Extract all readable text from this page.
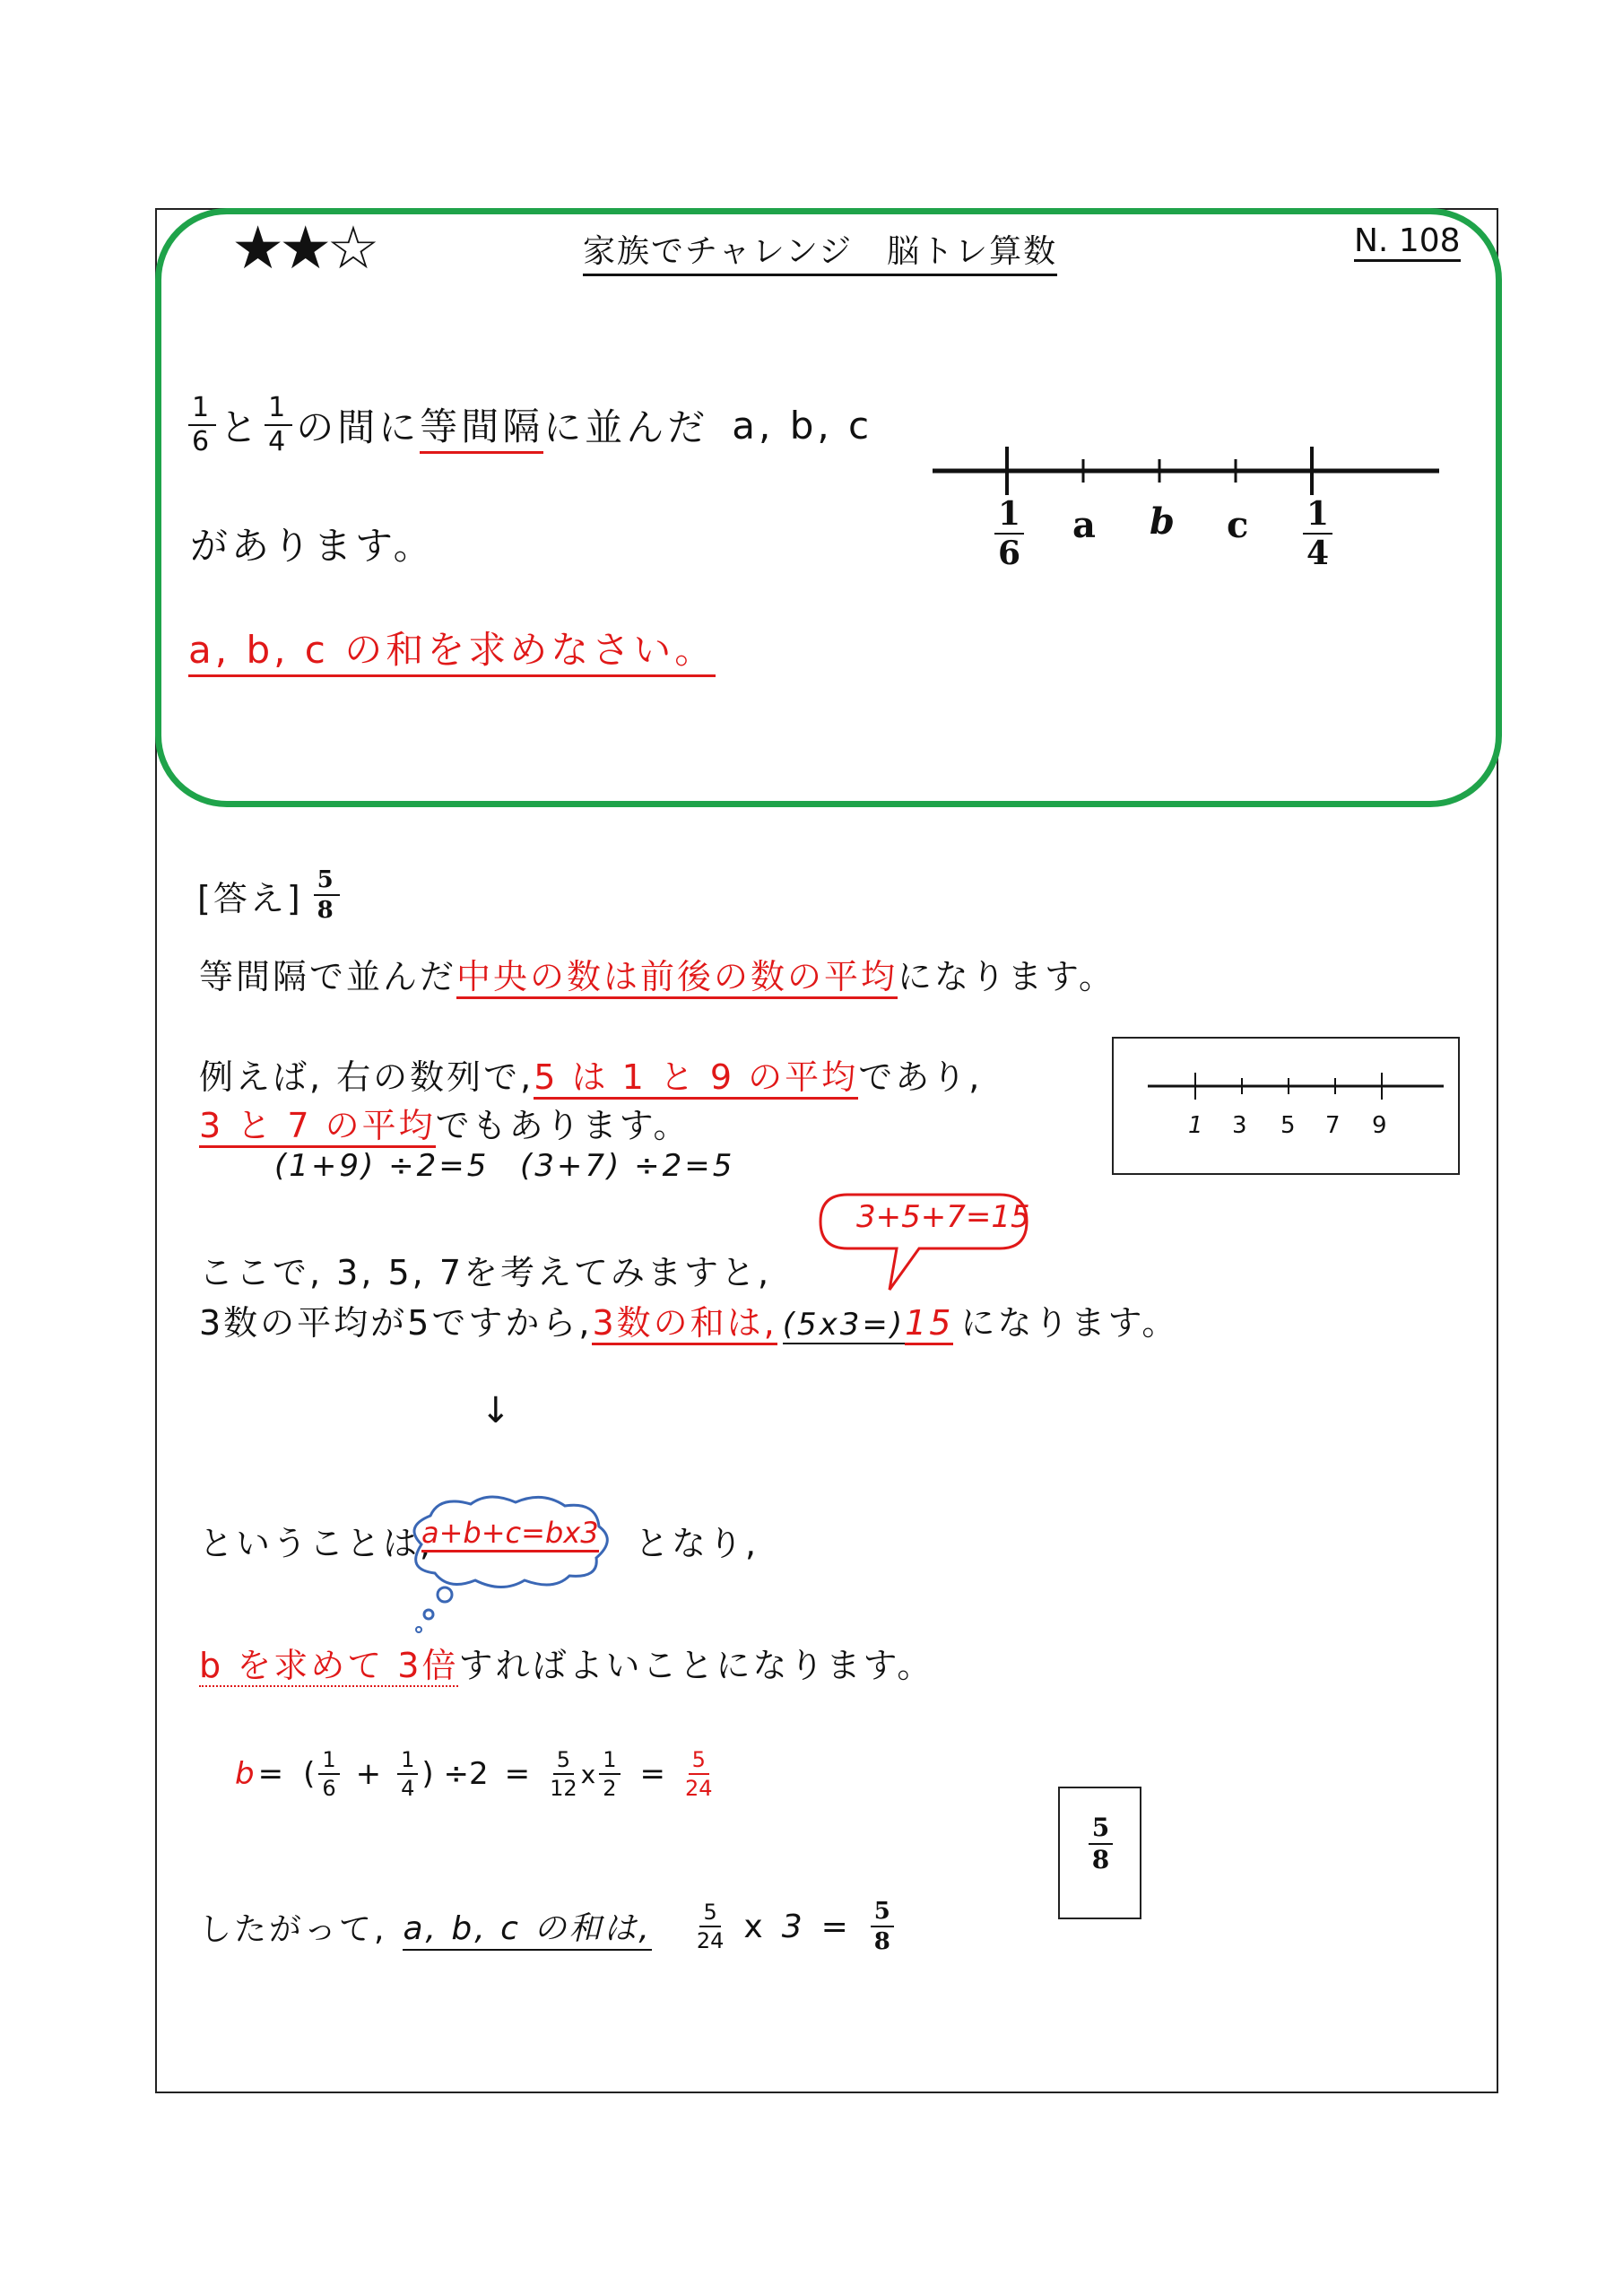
★★☆	家族でチャレンジ　脳トレ算数	N. 108
$\frac{1}{6}$ と $\frac{1}{4}$ の間に 等間隔 に並んだ a, b, c
があります。
a, b, c の和を求めなさい。
$\frac{1}{6}$ a b c $\frac{1}{4}$
[答え] $\frac{5}{8}$
等間隔で並んだ中央の数は前後の数の平均になります。
例えば, 右の数列で,5 は 1 と 9 の平均であり,
3 と 7 の平均でもあります。
(1+9) ÷2=5 (3+7) ÷2=5
1 3 5 7 9
3+5+7=15
ここで, 3, 5, 7を考えてみますと,
3数の平均が5ですから,3数の和は, (5x3=)15 になります。
↓
ということは,
a+b+c=bx3 となり,
b を求めて 3倍すればよいことになります。
b = ( $\frac{1}{6} + \frac{1}{4}$ ) $\div 2 = \frac{5}{12}$ x $\frac{1}{2} = \frac{5}{24}$
$\frac{5}{8}$
したがって, a, b, c の和は, $\frac{5}{24}$ x $3 = \frac{5}{8}$
